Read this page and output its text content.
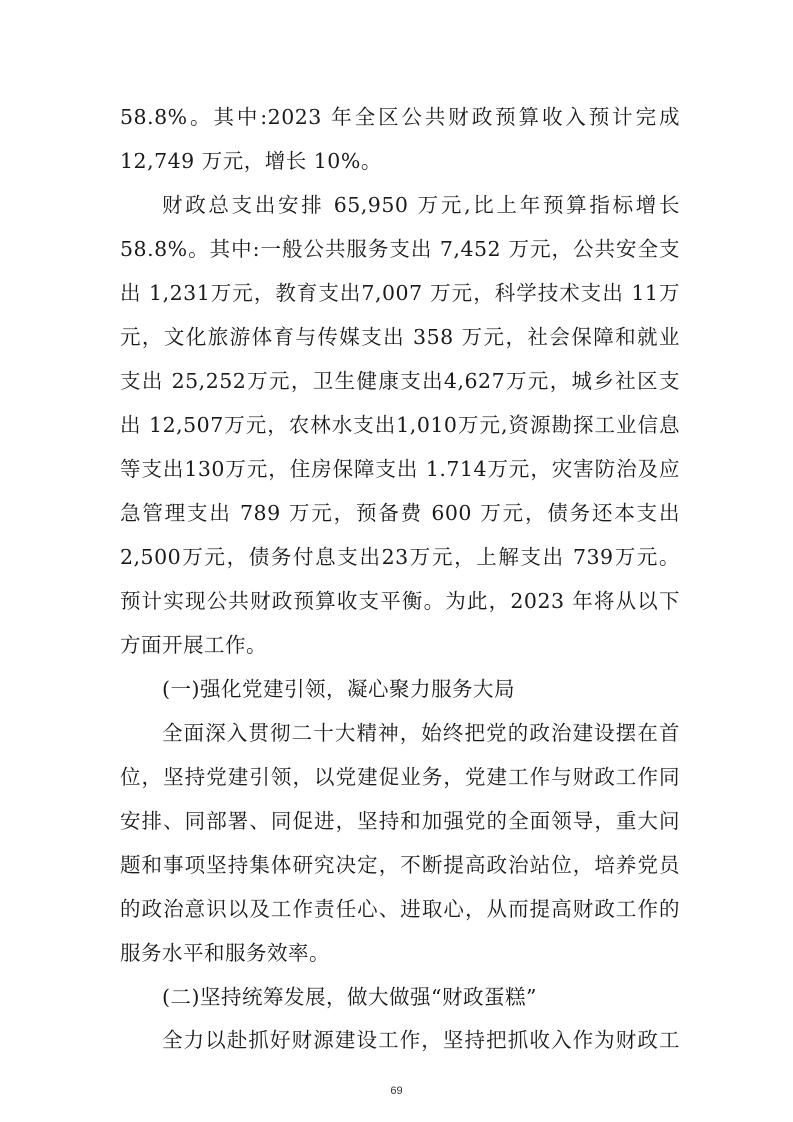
58.8%。其中:2023 年全区公共财政预算收入预计完成
12,749 万元，增长 10%。
财政总支出安排 65,950 万元,比上年预算指标增长
58.8%。其中:一般公共服务支出 7,452 万元，公共安全支
出 1,231万元，教育支出7,007 万元，科学技术支出 11万
元，文化旅游体育与传媒支出 358 万元，社会保障和就业
支出 25,252万元，卫生健康支出4,627万元，城乡社区支
出 12,507万元，农林水支出1,010万元,资源勘探工业信息
等支出130万元，住房保障支出 1.714万元，灾害防治及应
急管理支出 789 万元，预备费 600 万元，债务还本支出
2,500万元，债务付息支出23万元，上解支出 739万元。
预计实现公共财政预算收支平衡。为此，2023 年将从以下
方面开展工作。
(一)强化党建引领，凝心聚力服务大局
全面深入贯彻二十大精神，始终把党的政治建设摆在首
位，坚持党建引领，以党建促业务，党建工作与财政工作同
安排、同部署、同促进，坚持和加强党的全面领导，重大问
题和事项坚持集体研究决定，不断提高政治站位，培养党员
的政治意识以及工作责任心、进取心，从而提高财政工作的
服务水平和服务效率。
(二)坚持统筹发展，做大做强“财政蛋糕”
全力以赴抓好财源建设工作，坚持把抓收入作为财政工
69
